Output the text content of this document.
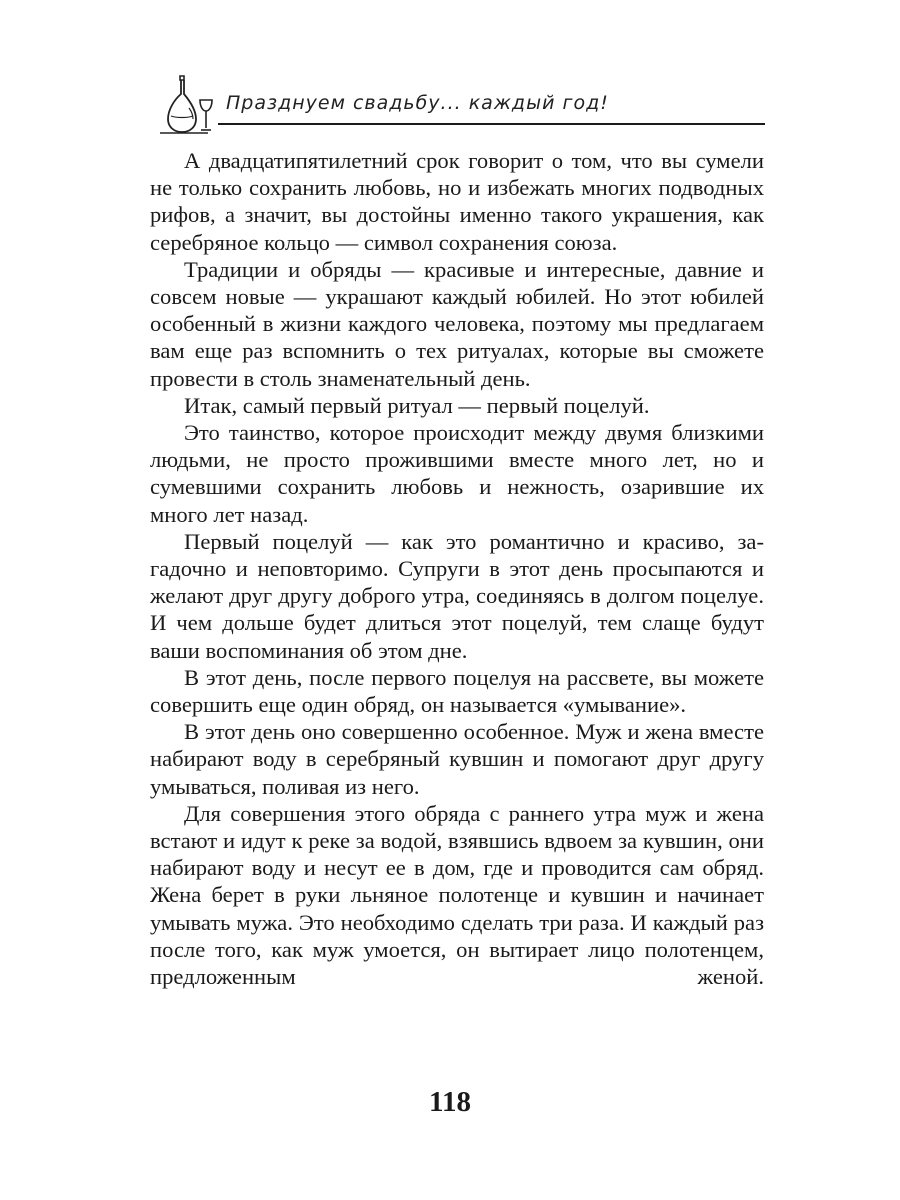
Празднуем свадьбу... каждый год!

А двадцатипятилетний срок говорит о том, что вы сумели не только сохранить любовь, но и избежать многих подводных рифов, а значит, вы достойны именно такого украшения, как серебряное кольцо — символ сохранения союза.

Традиции и обряды — красивые и интересные, давние и совсем новые — украшают каждый юбилей. Но этот юбилей особенный в жизни каждого человека, поэтому мы предлагаем вам еще раз вспомнить о тех ритуалах, которые вы сможете провести в столь знаменательный день.

Итак, самый первый ритуал — первый поцелуй.

Это таинство, которое происходит между двумя близкими людьми, не просто прожившими вместе много лет, но и сумевшими сохранить любовь и нежность, озарившие их много лет назад.

Первый поцелуй — как это романтично и красиво, загадочно и неповторимо. Супруги в этот день просыпаются и желают друг другу доброго утра, соединяясь в долгом поцелуе. И чем дольше будет длиться этот поцелуй, тем слаще будут ваши воспоминания об этом дне.

В этот день, после первого поцелуя на рассвете, вы можете совершить еще один обряд, он называется «умывание».

В этот день оно совершенно особенное. Муж и жена вместе набирают воду в серебряный кувшин и помогают друг другу умываться, поливая из него.

Для совершения этого обряда с раннего утра муж и жена встают и идут к реке за водой, взявшись вдвоем за кувшин, они набирают воду и несут ее в дом, где и проводится сам обряд. Жена берет в руки льняное полотенце и кувшин и начинает умывать мужа. Это необходимо сделать три раза. И каждый раз после того, как муж умоется, он вытирает лицо полотенцем, предложенным женой.

118
